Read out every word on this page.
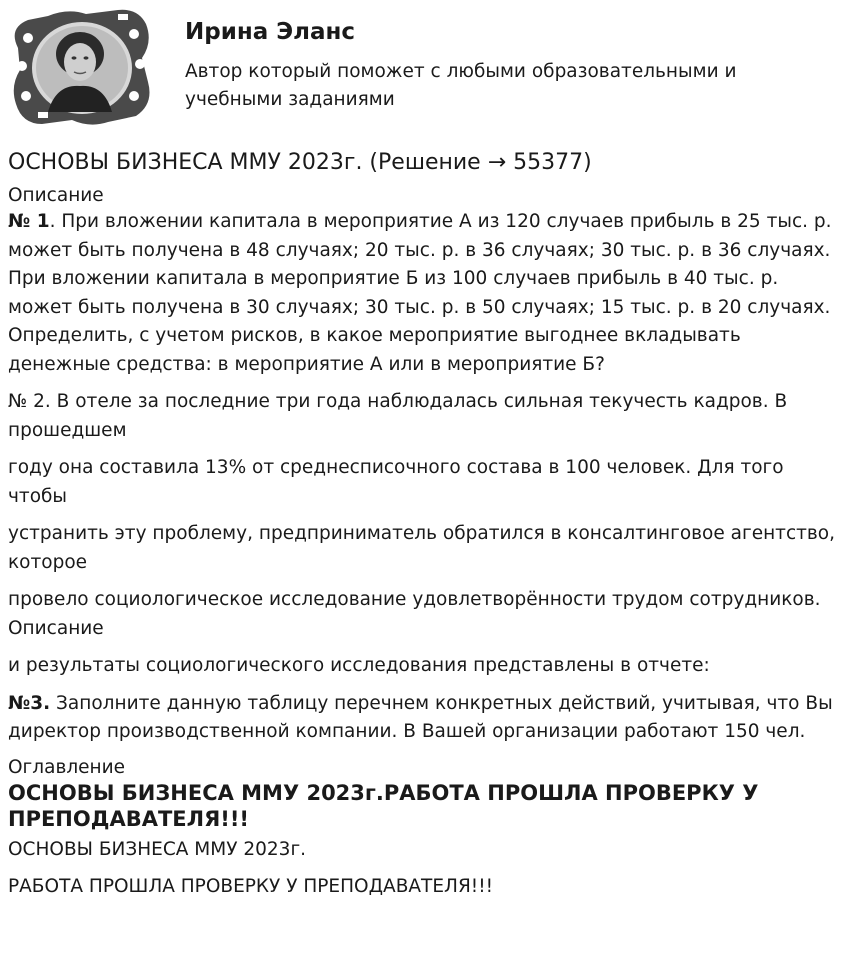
Ирина Эланс
Автор который поможет с любыми образовательными и учебными заданиями
ОСНОВЫ БИЗНЕСА ММУ 2023г. (Решение → 55377)

Описание

№ 1. При вложении капитала в мероприятие А из 120 случаев прибыль в 25 тыс. р. может быть получена в 48 случаях; 20 тыс. р. в 36 случаях; 30 тыс. р. в 36 случаях. При вложении капитала в мероприятие Б из 100 случаев прибыль в 40 тыс. р. может быть получена в 30 случаях; 30 тыс. р. в 50 случаях; 15 тыс. р. в 20 случаях. Определить, с учетом рисков, в какое мероприятие выгоднее вкладывать денежные средства: в мероприятие А или в мероприятие Б?

№ 2. В отеле за последние три года наблюдалась сильная текучесть кадров. В прошедшем

году она составила 13% от среднесписочного состава в 100 человек. Для того чтобы

устранить эту проблему, предприниматель обратился в консалтинговое агентство, которое

провело социологическое исследование удовлетворённости трудом сотрудников. Описание

и результаты социологического исследования представлены в отчете:

№3. Заполните данную таблицу перечнем конкретных действий, учитывая, что Вы директор производственной компании. В Вашей организации работают 150 чел.

Оглавление

ОСНОВЫ БИЗНЕСА ММУ 2023г.РАБОТА ПРОШЛА ПРОВЕРКУ У ПРЕПОДАВАТЕЛЯ!!!

ОСНОВЫ БИЗНЕСА ММУ 2023г.

РАБОТА ПРОШЛА ПРОВЕРКУ У ПРЕПОДАВАТЕЛЯ!!!
